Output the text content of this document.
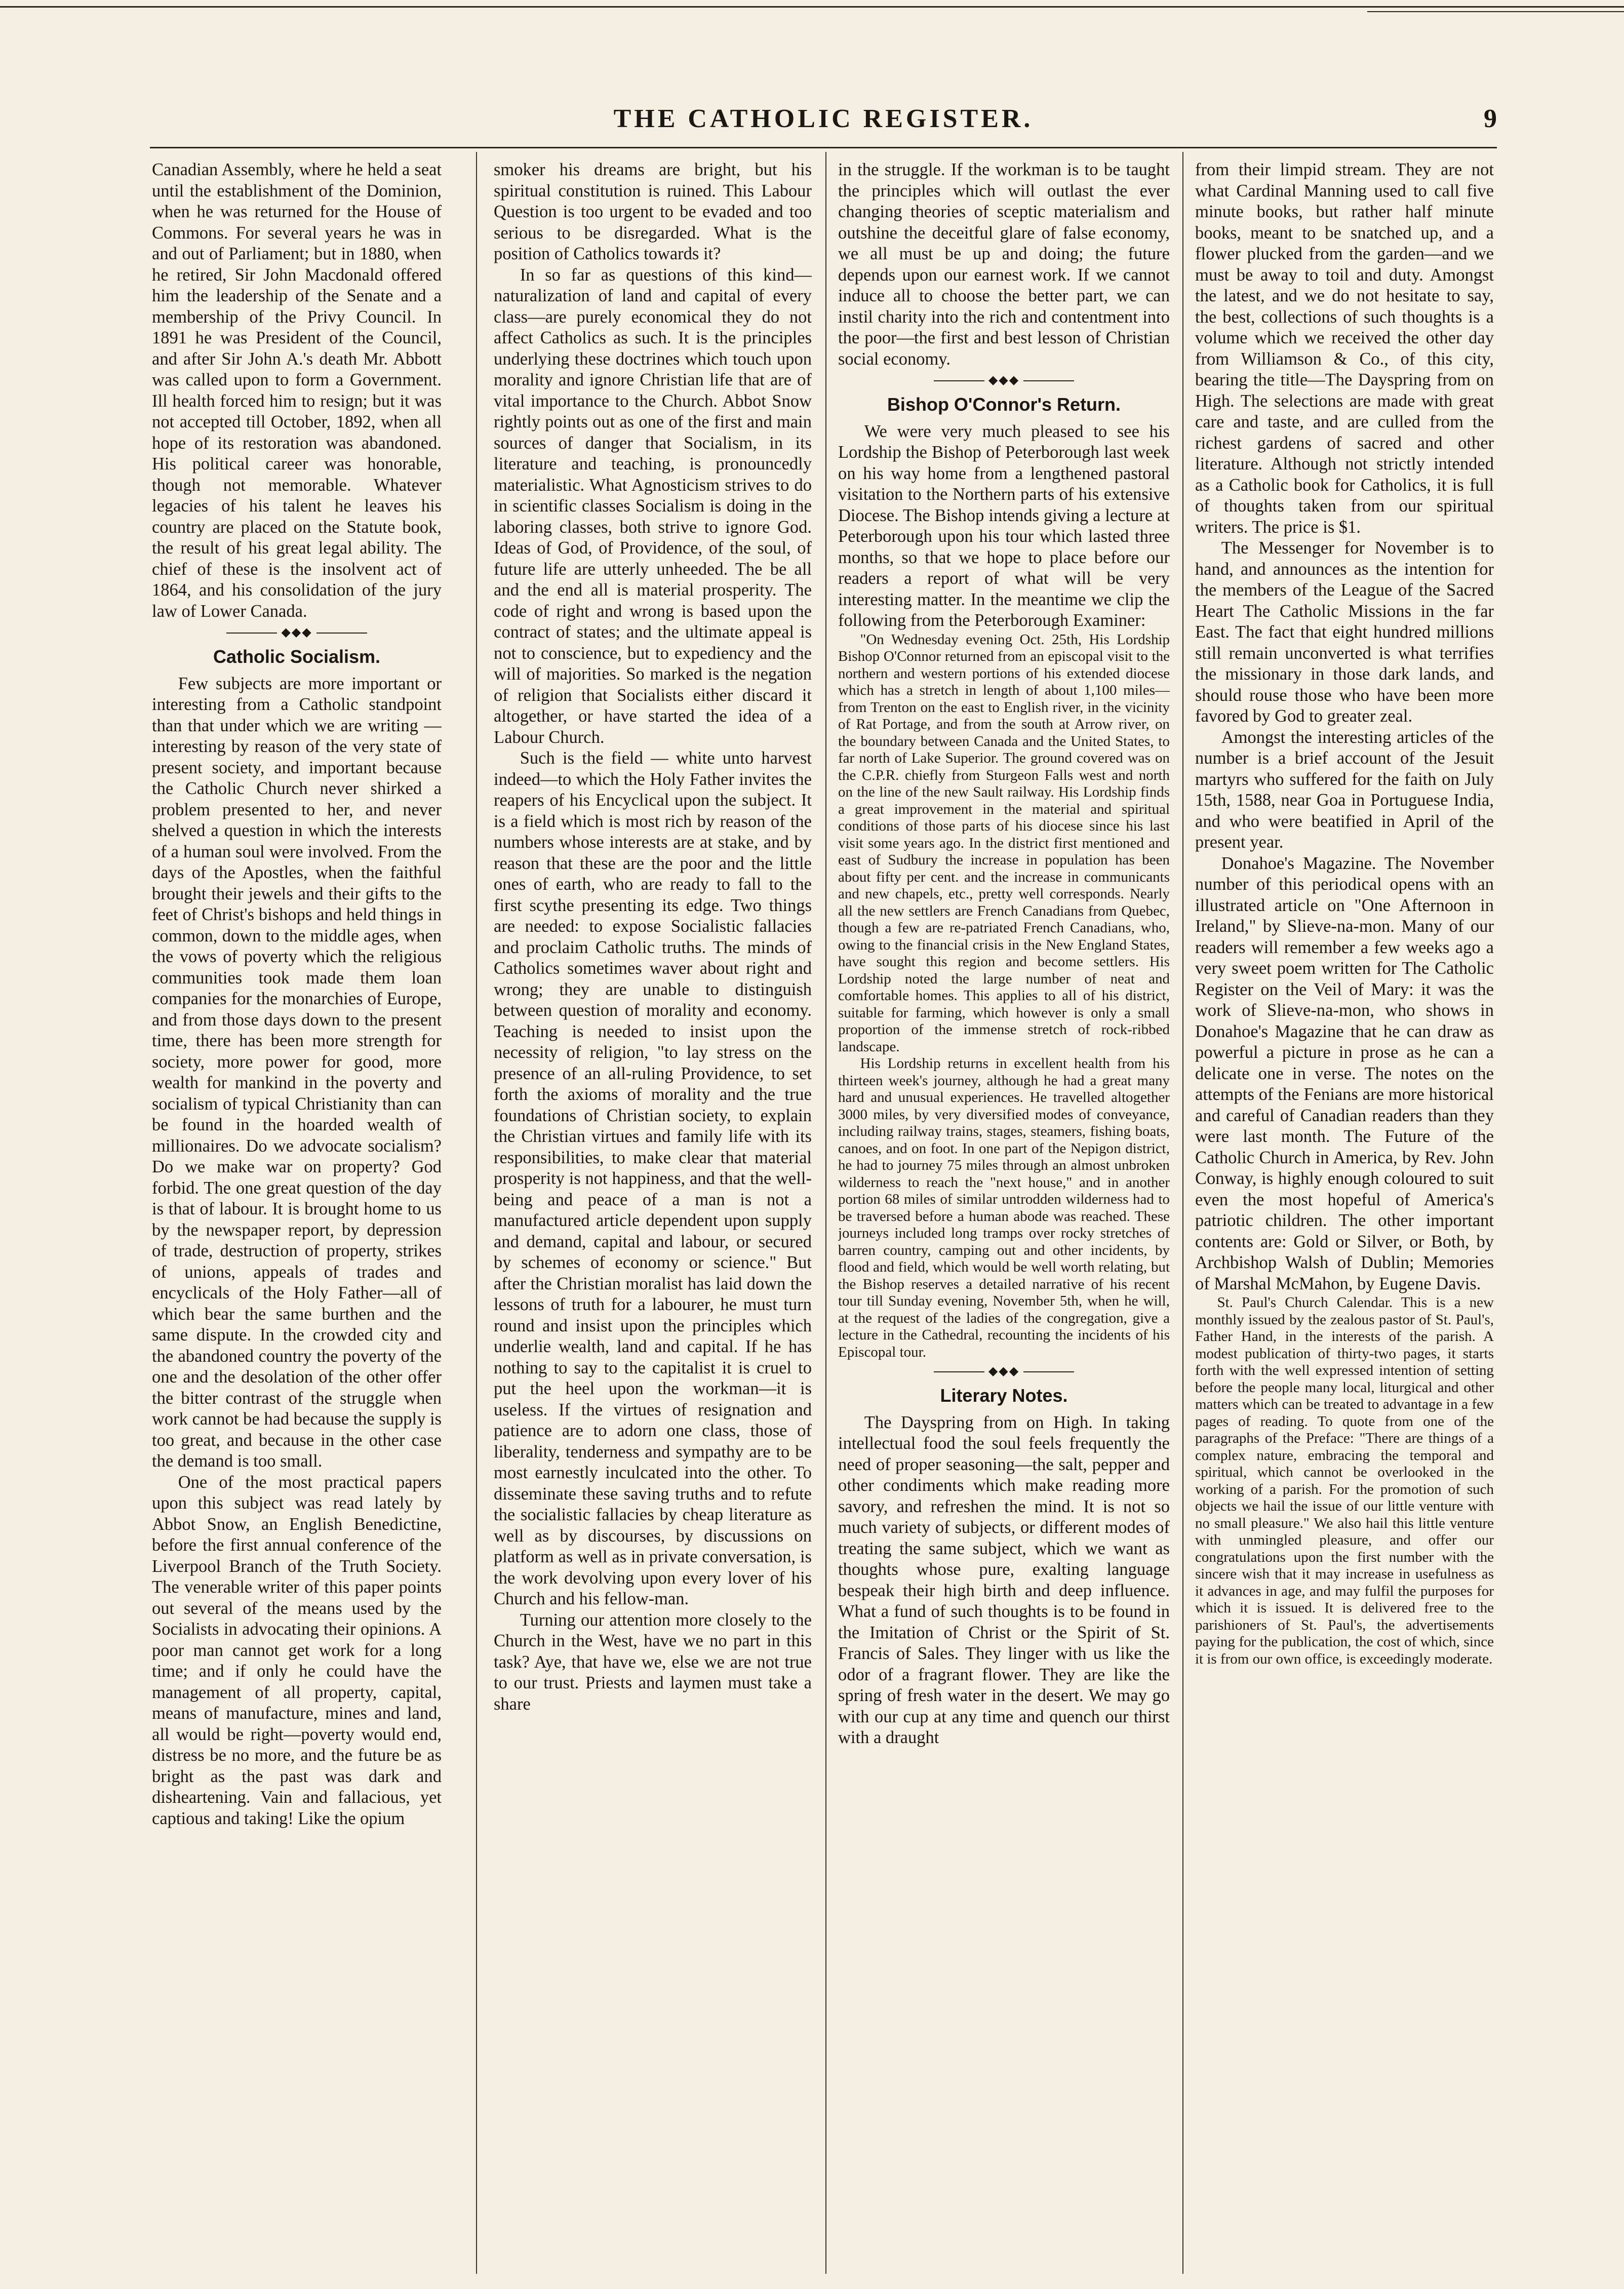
THE CATHOLIC REGISTER.	9

Canadian Assembly, where he held a seat until the establishment of the Dominion, when he was returned for the House of Commons. For several years he was in and out of Parliament; but in 1880, when he retired, Sir John Macdonald offered him the leadership of the Senate and a membership of the Privy Council. In 1891 he was President of the Council, and after Sir John A.'s death Mr. Abbott was called upon to form a Government. Ill health forced him to resign; but it was not accepted till October, 1892, when all hope of its restoration was abandoned. His political career was honorable, though not memorable. Whatever legacies of his talent he leaves his country are placed on the Statute book, the result of his great legal ability. The chief of these is the insolvent act of 1864, and his consolidation of the jury law of Lower Canada.

◆◆◆
Catholic Socialism.

Few subjects are more important or interesting from a Catholic standpoint than that under which we are writing —interesting by reason of the very state of present society, and important because the Catholic Church never shirked a problem presented to her, and never shelved a question in which the interests of a human soul were involved. From the days of the Apostles, when the faithful brought their jewels and their gifts to the feet of Christ's bishops and held things in common, down to the middle ages, when the vows of poverty which the religious communities took made them loan companies for the monarchies of Europe, and from those days down to the present time, there has been more strength for society, more power for good, more wealth for mankind in the poverty and socialism of typical Christianity than can be found in the hoarded wealth of millionaires. Do we advocate socialism? Do we make war on property? God forbid. The one great question of the day is that of labour. It is brought home to us by the newspaper report, by depression of trade, destruction of property, strikes of unions, appeals of trades and encyclicals of the Holy Father—all of which bear the same burthen and the same dispute. In the crowded city and the abandoned country the poverty of the one and the desolation of the other offer the bitter contrast of the struggle when work cannot be had because the supply is too great, and because in the other case the demand is too small.

One of the most practical papers upon this subject was read lately by Abbot Snow, an English Benedictine, before the first annual conference of the Liverpool Branch of the Truth Society. The venerable writer of this paper points out several of the means used by the Socialists in advocating their opinions. A poor man cannot get work for a long time; and if only he could have the management of all property, capital, means of manufacture, mines and land, all would be right—poverty would end, distress be no more, and the future be as bright as the past was dark and disheartening. Vain and fallacious, yet captious and taking! Like the opium

smoker his dreams are bright, but his spiritual constitution is ruined. This Labour Question is too urgent to be evaded and too serious to be disregarded. What is the position of Catholics towards it?

In so far as questions of this kind—naturalization of land and capital of every class—are purely economical they do not affect Catholics as such. It is the principles underlying these doctrines which touch upon morality and ignore Christian life that are of vital importance to the Church. Abbot Snow rightly points out as one of the first and main sources of danger that Socialism, in its literature and teaching, is pronouncedly materialistic. What Agnosticism strives to do in scientific classes Socialism is doing in the laboring classes, both strive to ignore God. Ideas of God, of Providence, of the soul, of future life are utterly unheeded. The be all and the end all is material prosperity. The code of right and wrong is based upon the contract of states; and the ultimate appeal is not to conscience, but to expediency and the will of majorities. So marked is the negation of religion that Socialists either discard it altogether, or have started the idea of a Labour Church.

Such is the field — white unto harvest indeed—to which the Holy Father invites the reapers of his Encyclical upon the subject. It is a field which is most rich by reason of the numbers whose interests are at stake, and by reason that these are the poor and the little ones of earth, who are ready to fall to the first scythe presenting its edge. Two things are needed: to expose Socialistic fallacies and proclaim Catholic truths. The minds of Catholics sometimes waver about right and wrong; they are unable to distinguish between question of morality and economy. Teaching is needed to insist upon the necessity of religion, "to lay stress on the presence of an all-ruling Providence, to set forth the axioms of morality and the true foundations of Christian society, to explain the Christian virtues and family life with its responsibilities, to make clear that material prosperity is not happiness, and that the well-being and peace of a man is not a manufactured article dependent upon supply and demand, capital and labour, or secured by schemes of economy or science." But after the Christian moralist has laid down the lessons of truth for a labourer, he must turn round and insist upon the principles which underlie wealth, land and capital. If he has nothing to say to the capitalist it is cruel to put the heel upon the workman—it is useless. If the virtues of resignation and patience are to adorn one class, those of liberality, tenderness and sympathy are to be most earnestly inculcated into the other. To disseminate these saving truths and to refute the socialistic fallacies by cheap literature as well as by discourses, by discussions on platform as well as in private conversation, is the work devolving upon every lover of his Church and his fellow-man.

Turning our attention more closely to the Church in the West, have we no part in this task? Aye, that have we, else we are not true to our trust. Priests and laymen must take a share

in the struggle. If the workman is to be taught the principles which will outlast the ever changing theories of sceptic materialism and outshine the deceitful glare of false economy, we all must be up and doing; the future depends upon our earnest work. If we cannot induce all to choose the better part, we can instil charity into the rich and contentment into the poor—the first and best lesson of Christian social economy.

◆◆◆
Bishop O'Connor's Return.

We were very much pleased to see his Lordship the Bishop of Peterborough last week on his way home from a lengthened pastoral visitation to the Northern parts of his extensive Diocese. The Bishop intends giving a lecture at Peterborough upon his tour which lasted three months, so that we hope to place before our readers a report of what will be very interesting matter. In the meantime we clip the following from the Peterborough Examiner:

"On Wednesday evening Oct. 25th, His Lordship Bishop O'Connor returned from an episcopal visit to the northern and western portions of his extended diocese which has a stretch in length of about 1,100 miles—from Trenton on the east to English river, in the vicinity of Rat Portage, and from the south at Arrow river, on the boundary between Canada and the United States, to far north of Lake Superior. The ground covered was on the C.P.R. chiefly from Sturgeon Falls west and north on the line of the new Sault railway. His Lordship finds a great improvement in the material and spiritual conditions of those parts of his diocese since his last visit some years ago. In the district first mentioned and east of Sudbury the increase in population has been about fifty per cent. and the increase in communicants and new chapels, etc., pretty well corresponds. Nearly all the new settlers are French Canadians from Quebec, though a few are re-patriated French Canadians, who, owing to the financial crisis in the New England States, have sought this region and become settlers. His Lordship noted the large number of neat and comfortable homes. This applies to all of his district, suitable for farming, which however is only a small proportion of the immense stretch of rock-ribbed landscape.

His Lordship returns in excellent health from his thirteen week's journey, although he had a great many hard and unusual experiences. He travelled altogether 3000 miles, by very diversified modes of conveyance, including railway trains, stages, steamers, fishing boats, canoes, and on foot. In one part of the Nepigon district, he had to journey 75 miles through an almost unbroken wilderness to reach the "next house," and in another portion 68 miles of similar untrodden wilderness had to be traversed before a human abode was reached. These journeys included long tramps over rocky stretches of barren country, camping out and other incidents, by flood and field, which would be well worth relating, but the Bishop reserves a detailed narrative of his recent tour till Sunday evening, November 5th, when he will, at the request of the ladies of the congregation, give a lecture in the Cathedral, recounting the incidents of his Episcopal tour.

◆◆◆
Literary Notes.

The Dayspring from on High. In taking intellectual food the soul feels frequently the need of proper seasoning—the salt, pepper and other condiments which make reading more savory, and refreshen the mind. It is not so much variety of subjects, or different modes of treating the same subject, which we want as thoughts whose pure, exalting language bespeak their high birth and deep influence. What a fund of such thoughts is to be found in the Imitation of Christ or the Spirit of St. Francis of Sales. They linger with us like the odor of a fragrant flower. They are like the spring of fresh water in the desert. We may go with our cup at any time and quench our thirst with a draught

from their limpid stream. They are not what Cardinal Manning used to call five minute books, but rather half minute books, meant to be snatched up, and a flower plucked from the garden—and we must be away to toil and duty. Amongst the latest, and we do not hesitate to say, the best, collections of such thoughts is a volume which we received the other day from Williamson & Co., of this city, bearing the title—The Dayspring from on High. The selections are made with great care and taste, and are culled from the richest gardens of sacred and other literature. Although not strictly intended as a Catholic book for Catholics, it is full of thoughts taken from our spiritual writers. The price is $1.

The Messenger for November is to hand, and announces as the intention for the members of the League of the Sacred Heart The Catholic Missions in the far East. The fact that eight hundred millions still remain unconverted is what terrifies the missionary in those dark lands, and should rouse those who have been more favored by God to greater zeal.

Amongst the interesting articles of the number is a brief account of the Jesuit martyrs who suffered for the faith on July 15th, 1588, near Goa in Portuguese India, and who were beatified in April of the present year.

Donahoe's Magazine. The November number of this periodical opens with an illustrated article on "One Afternoon in Ireland," by Slieve-na-mon. Many of our readers will remember a few weeks ago a very sweet poem written for The Catholic Register on the Veil of Mary: it was the work of Slieve-na-mon, who shows in Donahoe's Magazine that he can draw as powerful a picture in prose as he can a delicate one in verse. The notes on the attempts of the Fenians are more historical and careful of Canadian readers than they were last month. The Future of the Catholic Church in America, by Rev. John Conway, is highly enough coloured to suit even the most hopeful of America's patriotic children. The other important contents are: Gold or Silver, or Both, by Archbishop Walsh of Dublin; Memories of Marshal McMahon, by Eugene Davis.

St. Paul's Church Calendar. This is a new monthly issued by the zealous pastor of St. Paul's, Father Hand, in the interests of the parish. A modest publication of thirty-two pages, it starts forth with the well expressed intention of setting before the people many local, liturgical and other matters which can be treated to advantage in a few pages of reading. To quote from one of the paragraphs of the Preface: "There are things of a complex nature, embracing the temporal and spiritual, which cannot be overlooked in the working of a parish. For the promotion of such objects we hail the issue of our little venture with no small pleasure." We also hail this little venture with unmingled pleasure, and offer our congratulations upon the first number with the sincere wish that it may increase in usefulness as it advances in age, and may fulfil the purposes for which it is issued. It is delivered free to the parishioners of St. Paul's, the advertisements paying for the publication, the cost of which, since it is from our own office, is exceedingly moderate.
